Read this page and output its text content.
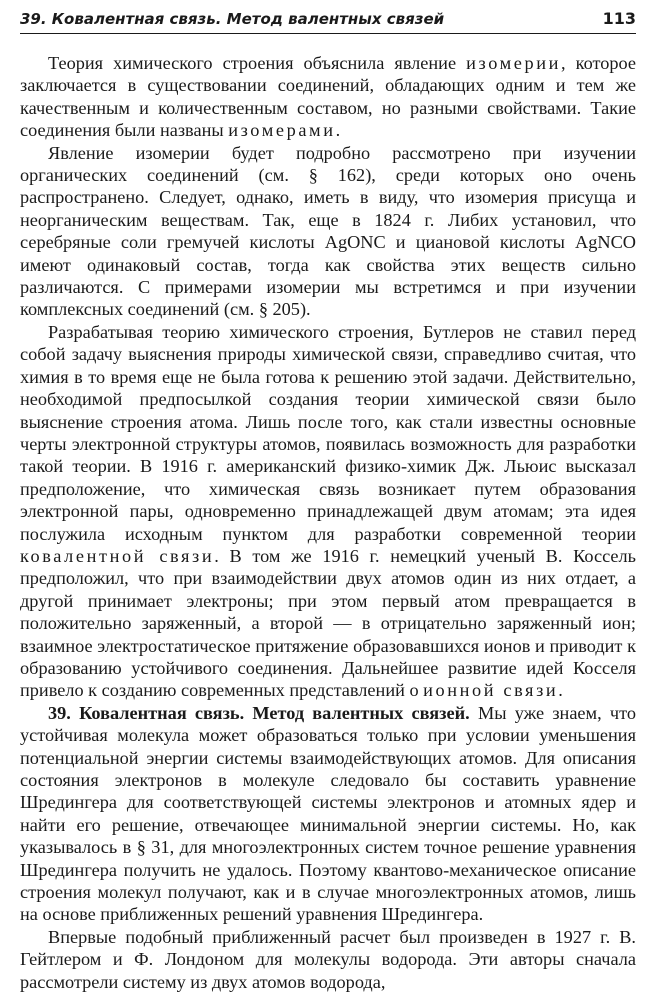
39. Ковалентная связь. Метод валентных связей	113

Теория химического строения объяснила явление изомерии, которое заключается в существовании соединений, обладающих одним и тем же качественным и количественным составом, но разными свойствами. Такие соединения были названы изомерами.

Явление изомерии будет подробно рассмотрено при изучении органических соединений (см. § 162), среди которых оно очень распространено. Следует, однако, иметь в виду, что изомерия присуща и неорганическим веществам. Так, еще в 1824 г. Либих установил, что серебряные соли гремучей кислоты AgONC и циановой кислоты AgNCO имеют одинаковый состав, тогда как свойства этих веществ сильно различаются. С примерами изомерии мы встретимся и при изучении комплексных соединений (см. § 205).

Разрабатывая теорию химического строения, Бутлеров не ставил перед собой задачу выяснения природы химической связи, справедливо считая, что химия в то время еще не была готова к решению этой задачи. Действительно, необходимой предпосылкой создания теории химической связи было выяснение строения атома. Лишь после того, как стали известны основные черты электронной структуры атомов, появилась возможность для разработки такой теории. В 1916 г. американский физико-химик Дж. Льюис высказал предположение, что химическая связь возникает путем образования электронной пары, одновременно принадлежащей двум атомам; эта идея послужила исходным пунктом для разработки современной теории ковалентной связи. В том же 1916 г. немецкий ученый В. Коссель предположил, что при взаимодействии двух атомов один из них отдает, а другой принимает электроны; при этом первый атом превращается в положительно заряженный, а второй — в отрицательно заряженный ион; взаимное электростатическое притяжение образовавшихся ионов и приводит к образованию устойчивого соединения. Дальнейшее развитие идей Косселя привело к созданию современных представлений о ионной связи.

39. Ковалентная связь. Метод валентных связей. Мы уже знаем, что устойчивая молекула может образоваться только при условии уменьшения потенциальной энергии системы взаимодействующих атомов. Для описания состояния электронов в молекуле следовало бы составить уравнение Шредингера для соответствующей системы электронов и атомных ядер и найти его решение, отвечающее минимальной энергии системы. Но, как указывалось в § 31, для многоэлектронных систем точное решение уравнения Шредингера получить не удалось. Поэтому квантово-механическое описание строения молекул получают, как и в случае многоэлектронных атомов, лишь на основе приближенных решений уравнения Шредингера.

Впервые подобный приближенный расчет был произведен в 1927 г. В. Гейтлером и Ф. Лондоном для молекулы водорода. Эти авторы сначала рассмотрели систему из двух атомов водорода,
